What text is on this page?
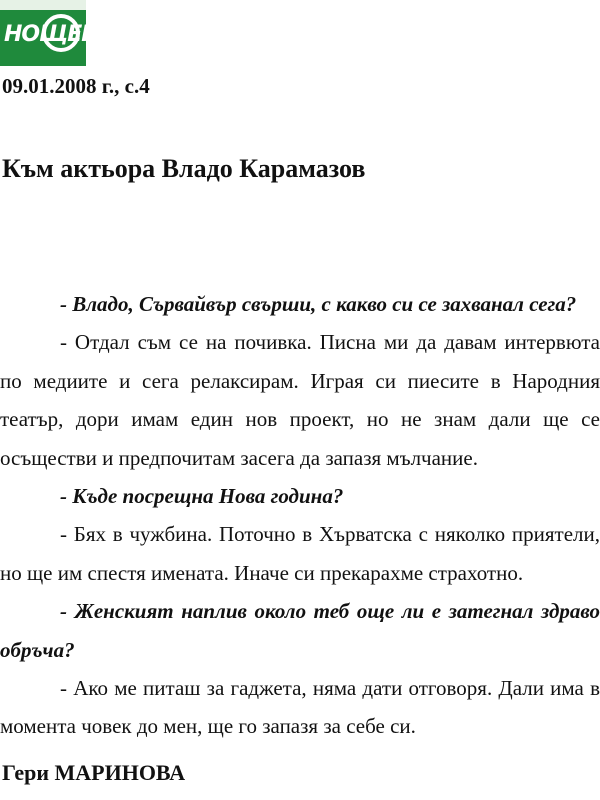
НОЩЕН
09.01.2008 г., с.4
Към актьора Владо Карамазов

- Владо, Сървайвър свърши, с какво си се захванал сега?

- Отдал съм се на почивка. Писна ми да давам интервюта по медиите и сега релаксирам. Играя си пиесите в Народния театър, дори имам един нов проект, но не знам дали ще се осъществи и предпочитам засега да запазя мълчание.

- Къде посрещна Нова година?

- Бях в чужбина. Поточно в Хърватска с няколко приятели, но ще им спестя имената. Иначе си прекарахме страхотно.

- Женският наплив около теб още ли е затегнал здраво обръча?

- Ако ме питаш за гаджета, няма дати отговоря. Дали има в момента човек до мен, ще го запазя за себе си.

Гери МАРИНОВА
